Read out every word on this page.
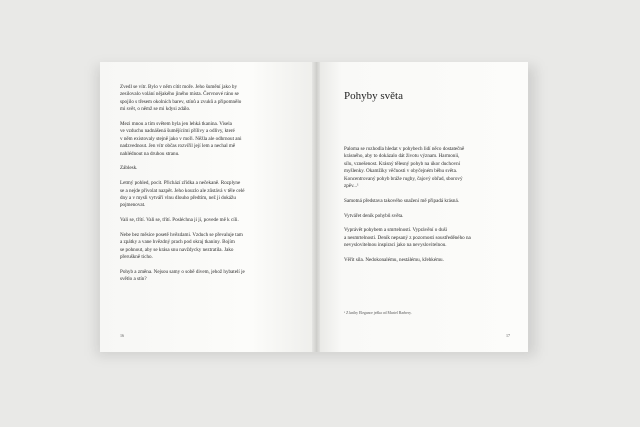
Zvedl se vítr. Bylo v něm cítit moře. Jeho šumění jako by
zesilovalo volání nějakého jiného místa. Červnové ráno se
spojilo s třesem okolních barev, stínů a zvuků a připomnělo
mi svět, o němž se mi kdysi zdálo.

Mezi mnou a tím světem byla jen lehká tkanina. Visela
ve vzduchu nadnášená šumějícími přílivy a odlivy, které
v něm existovaly stejně jako v moři. Něžla ale odhrnout ani
nadzvednout. Jen vítr občas rozvířil její lem a nechal mě
nahlédnout na druhou stranu.

Záblesk.

Letmý pohled, pocit. Přichází zřídka a nečekaně. Rozplyne
se a nejde přivolat nazpět. Jeho kouzlo ale zůstává v těle celé
dny a v mysli vytváří vlnu dlouho předtím, než ji dokážu
pojmenovat.

Vali se, třítí. Vali se, třítí. Posléchna ji jí, povede mě k cíli.

Nebe bez měsíce posetě hvězdami. Vzduch se převaluje tam
a zpátky a vane hvězdný prach pod okraj tkaniny. Bojím
se pohnout, aby se krása snu navždycky neztratila. Jako
přeruškně ticho.

Pohyb a změna. Nejsou samy o sobě divem, jehož hybatelí je
světlo a stín?

16
Pohyby světa

Paloma se rozhodla hledat v pohybech lidí něco dostatečně
krásného, aby to dokázalo dát životu význam. Harmonii,
sílu, vznešenost. Krásný tělesný pohyb na úkor duchovní
myšlenky. Okamžiky věčnosti v obyčejném běhu světa.
Koncentrovaný pohyb bráže rugby, čajový obřad, sborový
zpěv...¹

Samotná představa takového snažení mě připadá krásná.

Vytvářet deník pohybů světa.

Vyprávět pohybem a smrtelností. Vyprávění o duši
a nesmrtelnosti. Deník nepsaný z pozornosti soustředěného na
nevyslovitelnou inspiraci jako na nevyslovitelnou.

Věřit síla. Nedokonalému, nestálému, křehkému.

¹ Z knihy Elegance ježka od Muriel Barbery.
17
